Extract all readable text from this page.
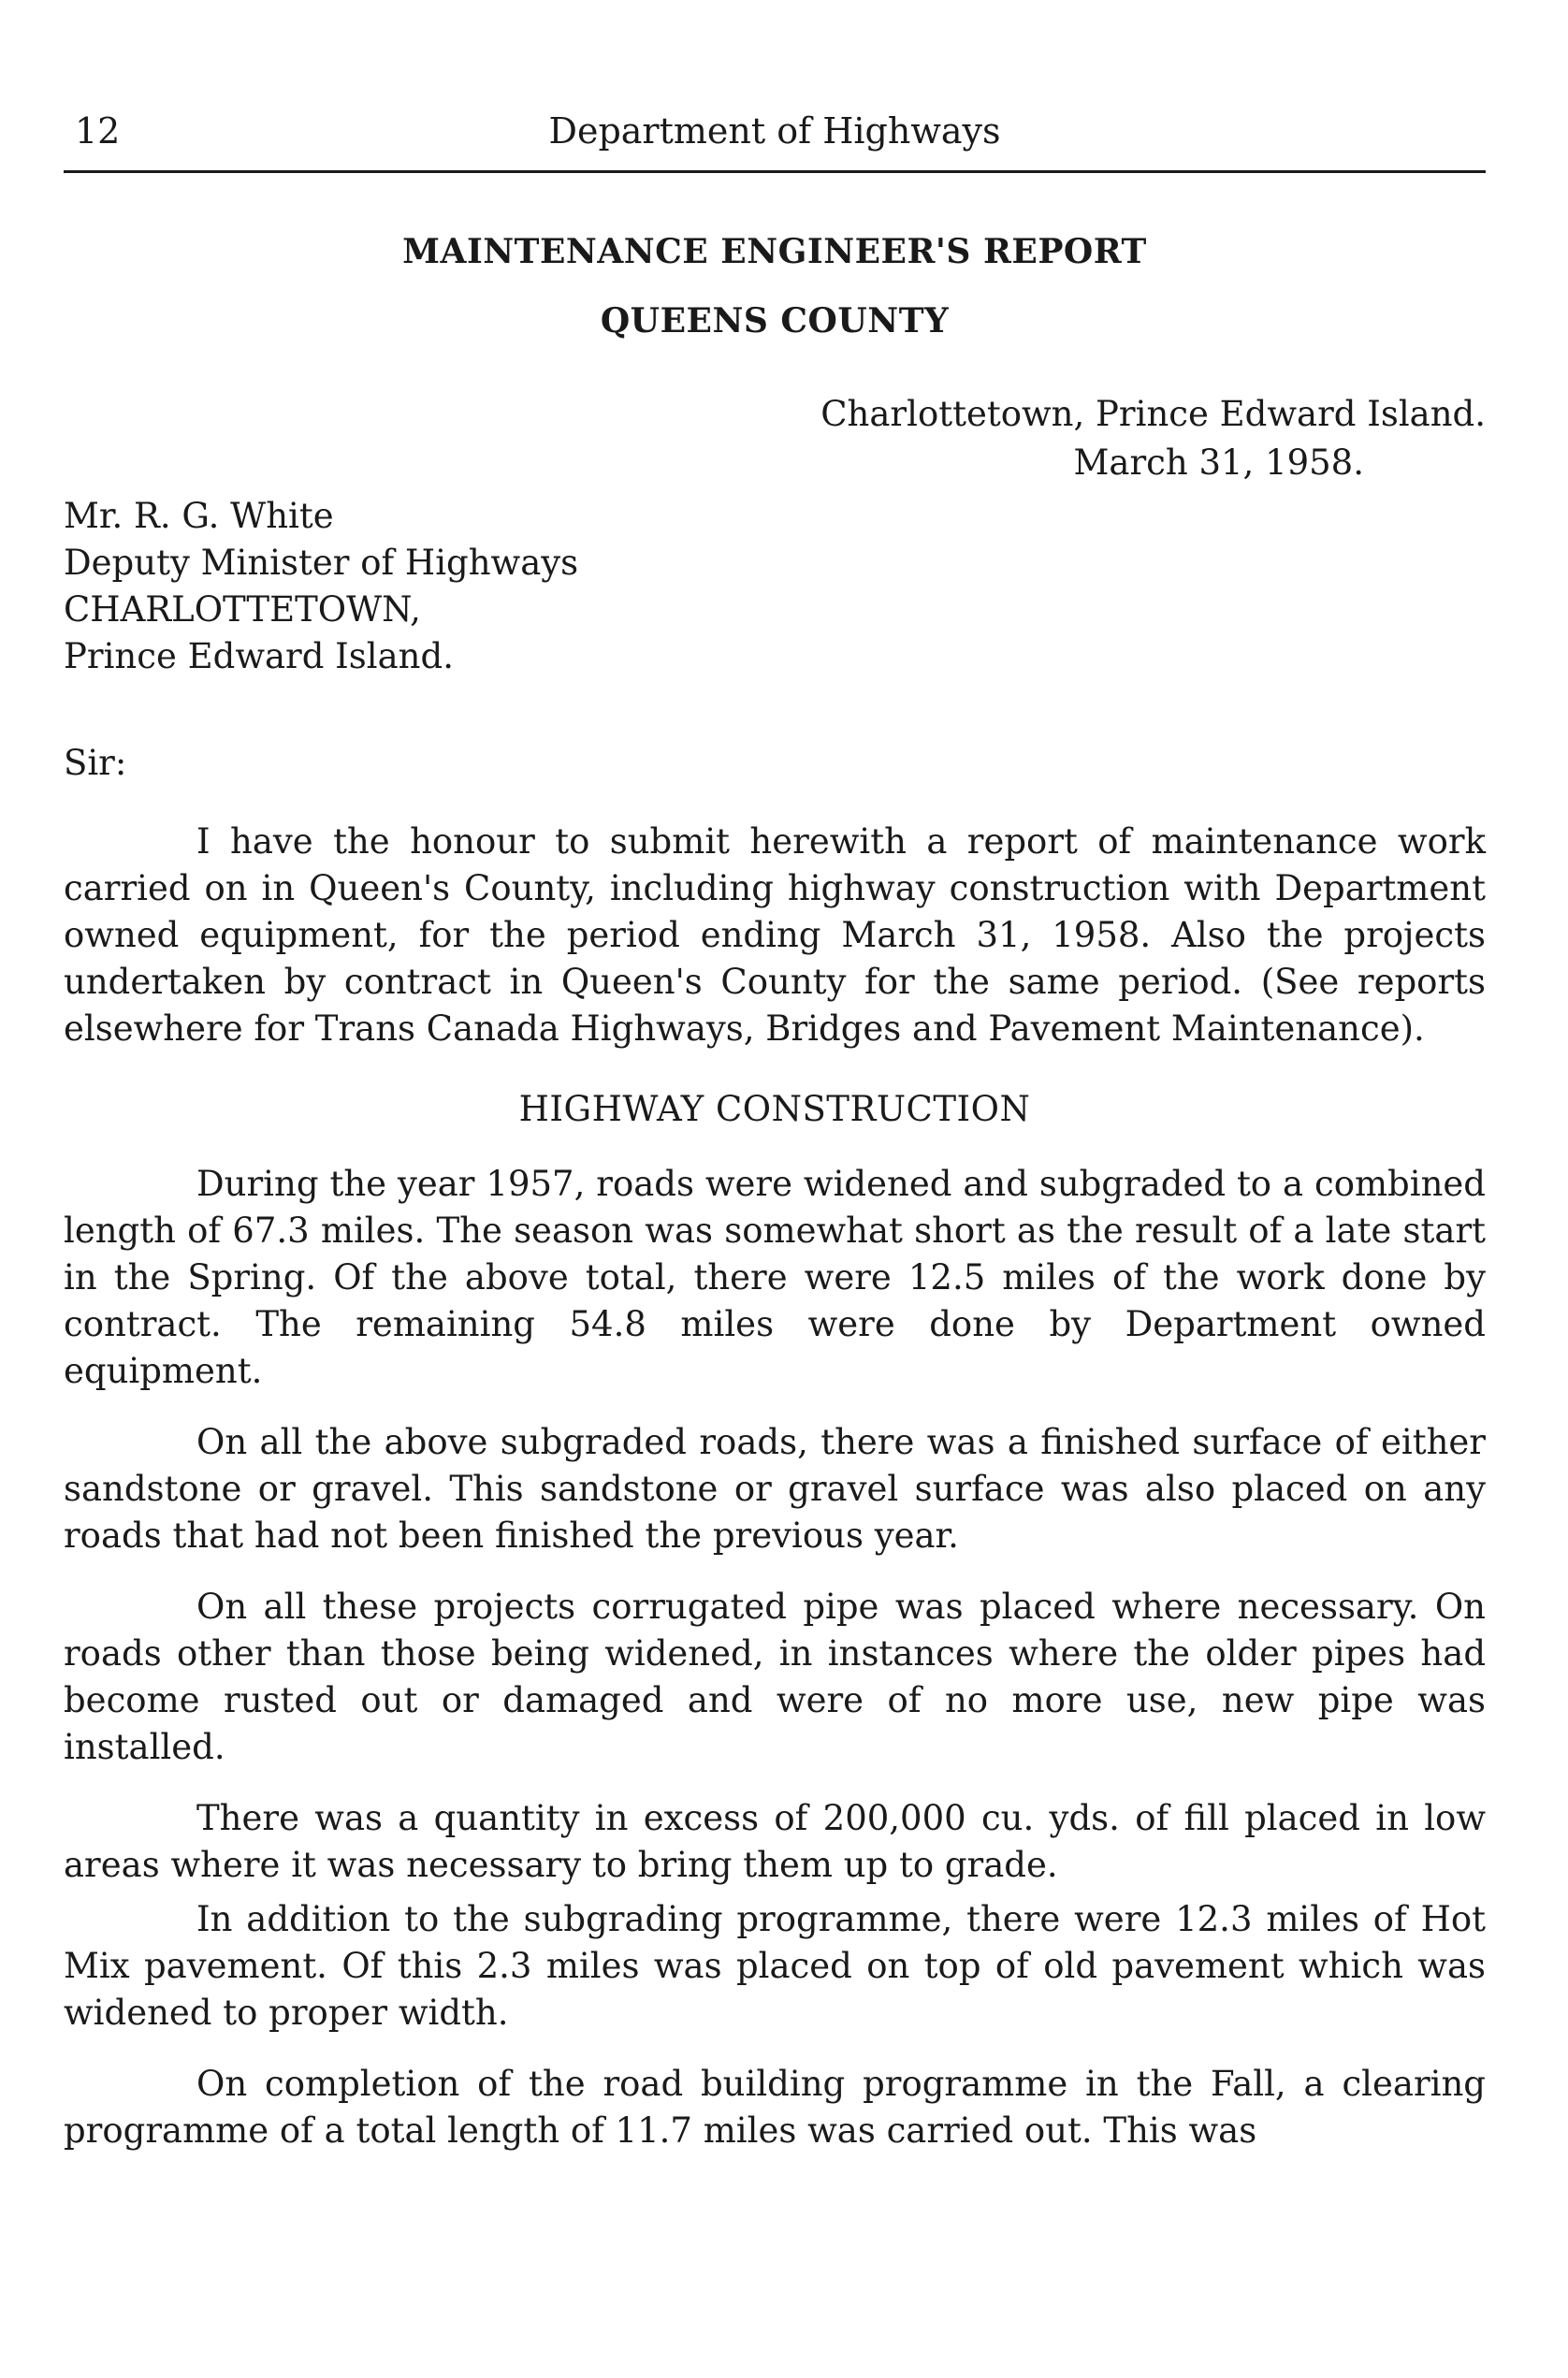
12	Department of Highways
MAINTENANCE ENGINEER'S REPORT
QUEENS COUNTY
Charlottetown, Prince Edward Island.
March 31, 1958.
Mr. R. G. White
Deputy Minister of Highways
CHARLOTTETOWN,
Prince Edward Island.
Sir:

I have the honour to submit herewith a report of maintenance work carried on in Queen's County, including highway construction with Department owned equipment, for the period ending March 31, 1958. Also the projects undertaken by contract in Queen's County for the same period. (See reports elsewhere for Trans Canada Highways, Bridges and Pavement Maintenance).

HIGHWAY CONSTRUCTION

During the year 1957, roads were widened and subgraded to a combined length of 67.3 miles. The season was somewhat short as the result of a late start in the Spring. Of the above total, there were 12.5 miles of the work done by contract. The remaining 54.8 miles were done by Department owned equipment.

On all the above subgraded roads, there was a finished surface of either sandstone or gravel. This sandstone or gravel surface was also placed on any roads that had not been finished the previous year.

On all these projects corrugated pipe was placed where necessary. On roads other than those being widened, in instances where the older pipes had become rusted out or damaged and were of no more use, new pipe was installed.

There was a quantity in excess of 200,000 cu. yds. of fill placed in low areas where it was necessary to bring them up to grade.

In addition to the subgrading programme, there were 12.3 miles of Hot Mix pavement. Of this 2.3 miles was placed on top of old pavement which was widened to proper width.

On completion of the road building programme in the Fall, a clearing programme of a total length of 11.7 miles was carried out. This was
